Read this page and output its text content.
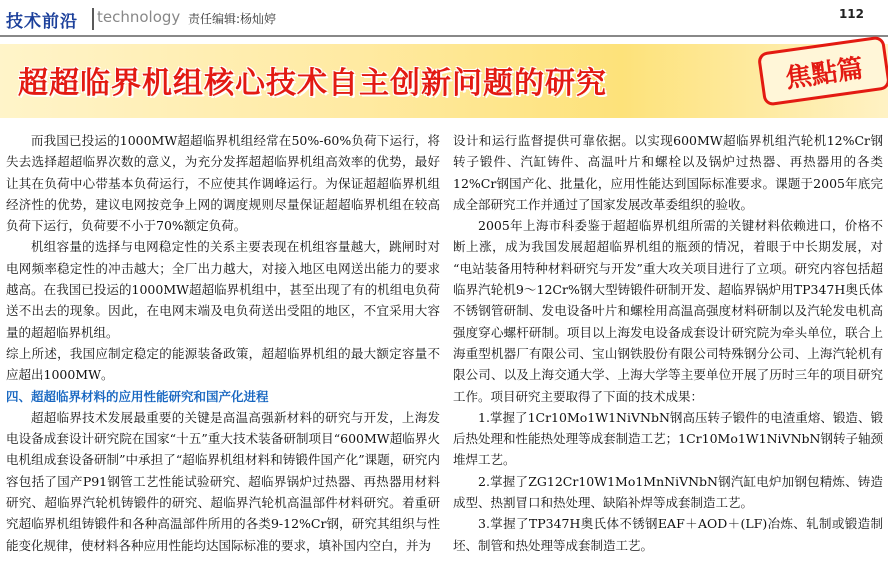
技术前沿 technology 责任编辑:杨灿婷	112
超超临界机组核心技术自主创新问题的研究	焦點篇

而我国已投运的1000MW超超临界机组经常在50%-60%负荷下运行，将失去选择超超临界次数的意义，为充分发挥超超临界机组高效率的优势，最好让其在负荷中心带基本负荷运行，不应使其作调峰运行。为保证超超临界机组经济性的优势，建议电网按竞争上网的调度规则尽量保证超超临界机组在较高负荷下运行，负荷要不小于70%额定负荷。

机组容量的选择与电网稳定性的关系主要表现在机组容量越大，跳闸时对电网频率稳定性的冲击越大；全厂出力越大，对接入地区电网送出能力的要求越高。在我国已投运的1000MW超超临界机组中，甚至出现了有的机组电负荷送不出去的现象。因此，在电网末端及电负荷送出受阻的地区，不宜采用大容量的超超临界机组。

综上所述，我国应制定稳定的能源装备政策，超超临界机组的最大额定容量不应超出1000MW。

四、超超临界材料的应用性能研究和国产化进程

超超临界技术发展最重要的关键是高温高强新材料的研究与开发，上海发电设备成套设计研究院在国家“十五”重大技术装备研制项目“600MW超临界火电机组成套设备研制”中承担了“超临界机组材料和铸锻件国产化”课题，研究内容包括了国产P91钢管工艺性能试验研究、超临界锅炉过热器、再热器用材料研究、超临界汽轮机铸锻件的研究、超临界汽轮机高温部件材料研究。着重研究超临界机组铸锻件和各种高温部件所用的各类9-12%Cr钢，研究其组织与性能变化规律，使材料各种应用性能均达国际标准的要求，填补国内空白，并为

设计和运行监督提供可靠依据。以实现600MW超临界机组汽轮机12%Cr钢转子锻件、汽缸铸件、高温叶片和螺栓以及锅炉过热器、再热器用的各类12%Cr钢国产化、批量化，应用性能达到国际标准要求。课题于2005年底完成全部研究工作并通过了国家发展改革委组织的验收。

2005年上海市科委鉴于超超临界机组所需的关键材料依赖进口，价格不断上涨，成为我国发展超超临界机组的瓶颈的情况，着眼于中长期发展，对 “电站装备用特种材料研究与开发”重大攻关项目进行了立项。研究内容包括超临界汽轮机9～12Cr%钢大型铸锻件研制开发、超临界锅炉用TP347H奥氏体不锈钢管研制、发电设备叶片和螺栓用高温高强度材料研制以及汽轮发电机高强度穿心螺杆研制。项目以上海发电设备成套设计研究院为牵头单位，联合上海重型机器厂有限公司、宝山钢铁股份有限公司特殊钢分公司、上海汽轮机有限公司、以及上海交通大学、上海大学等主要单位开展了历时三年的项目研究工作。项目研究主要取得了下面的技术成果：

1.掌握了1Cr10Mo1W1NiVNbN钢高压转子锻件的电渣重熔、锻造、锻后热处理和性能热处理等成套制造工艺；1Cr10Mo1W1NiVNbN钢转子轴颈堆焊工艺。

2.掌握了ZG12Cr10W1Mo1MnNiVNbN钢汽缸电炉加钢包精炼、铸造成型、热割冒口和热处理、缺陷补焊等成套制造工艺。

3.掌握了TP347H奥氏体不锈钢EAF＋AOD＋(LF)冶炼、轧制或锻造制坯、制管和热处理等成套制造工艺。
